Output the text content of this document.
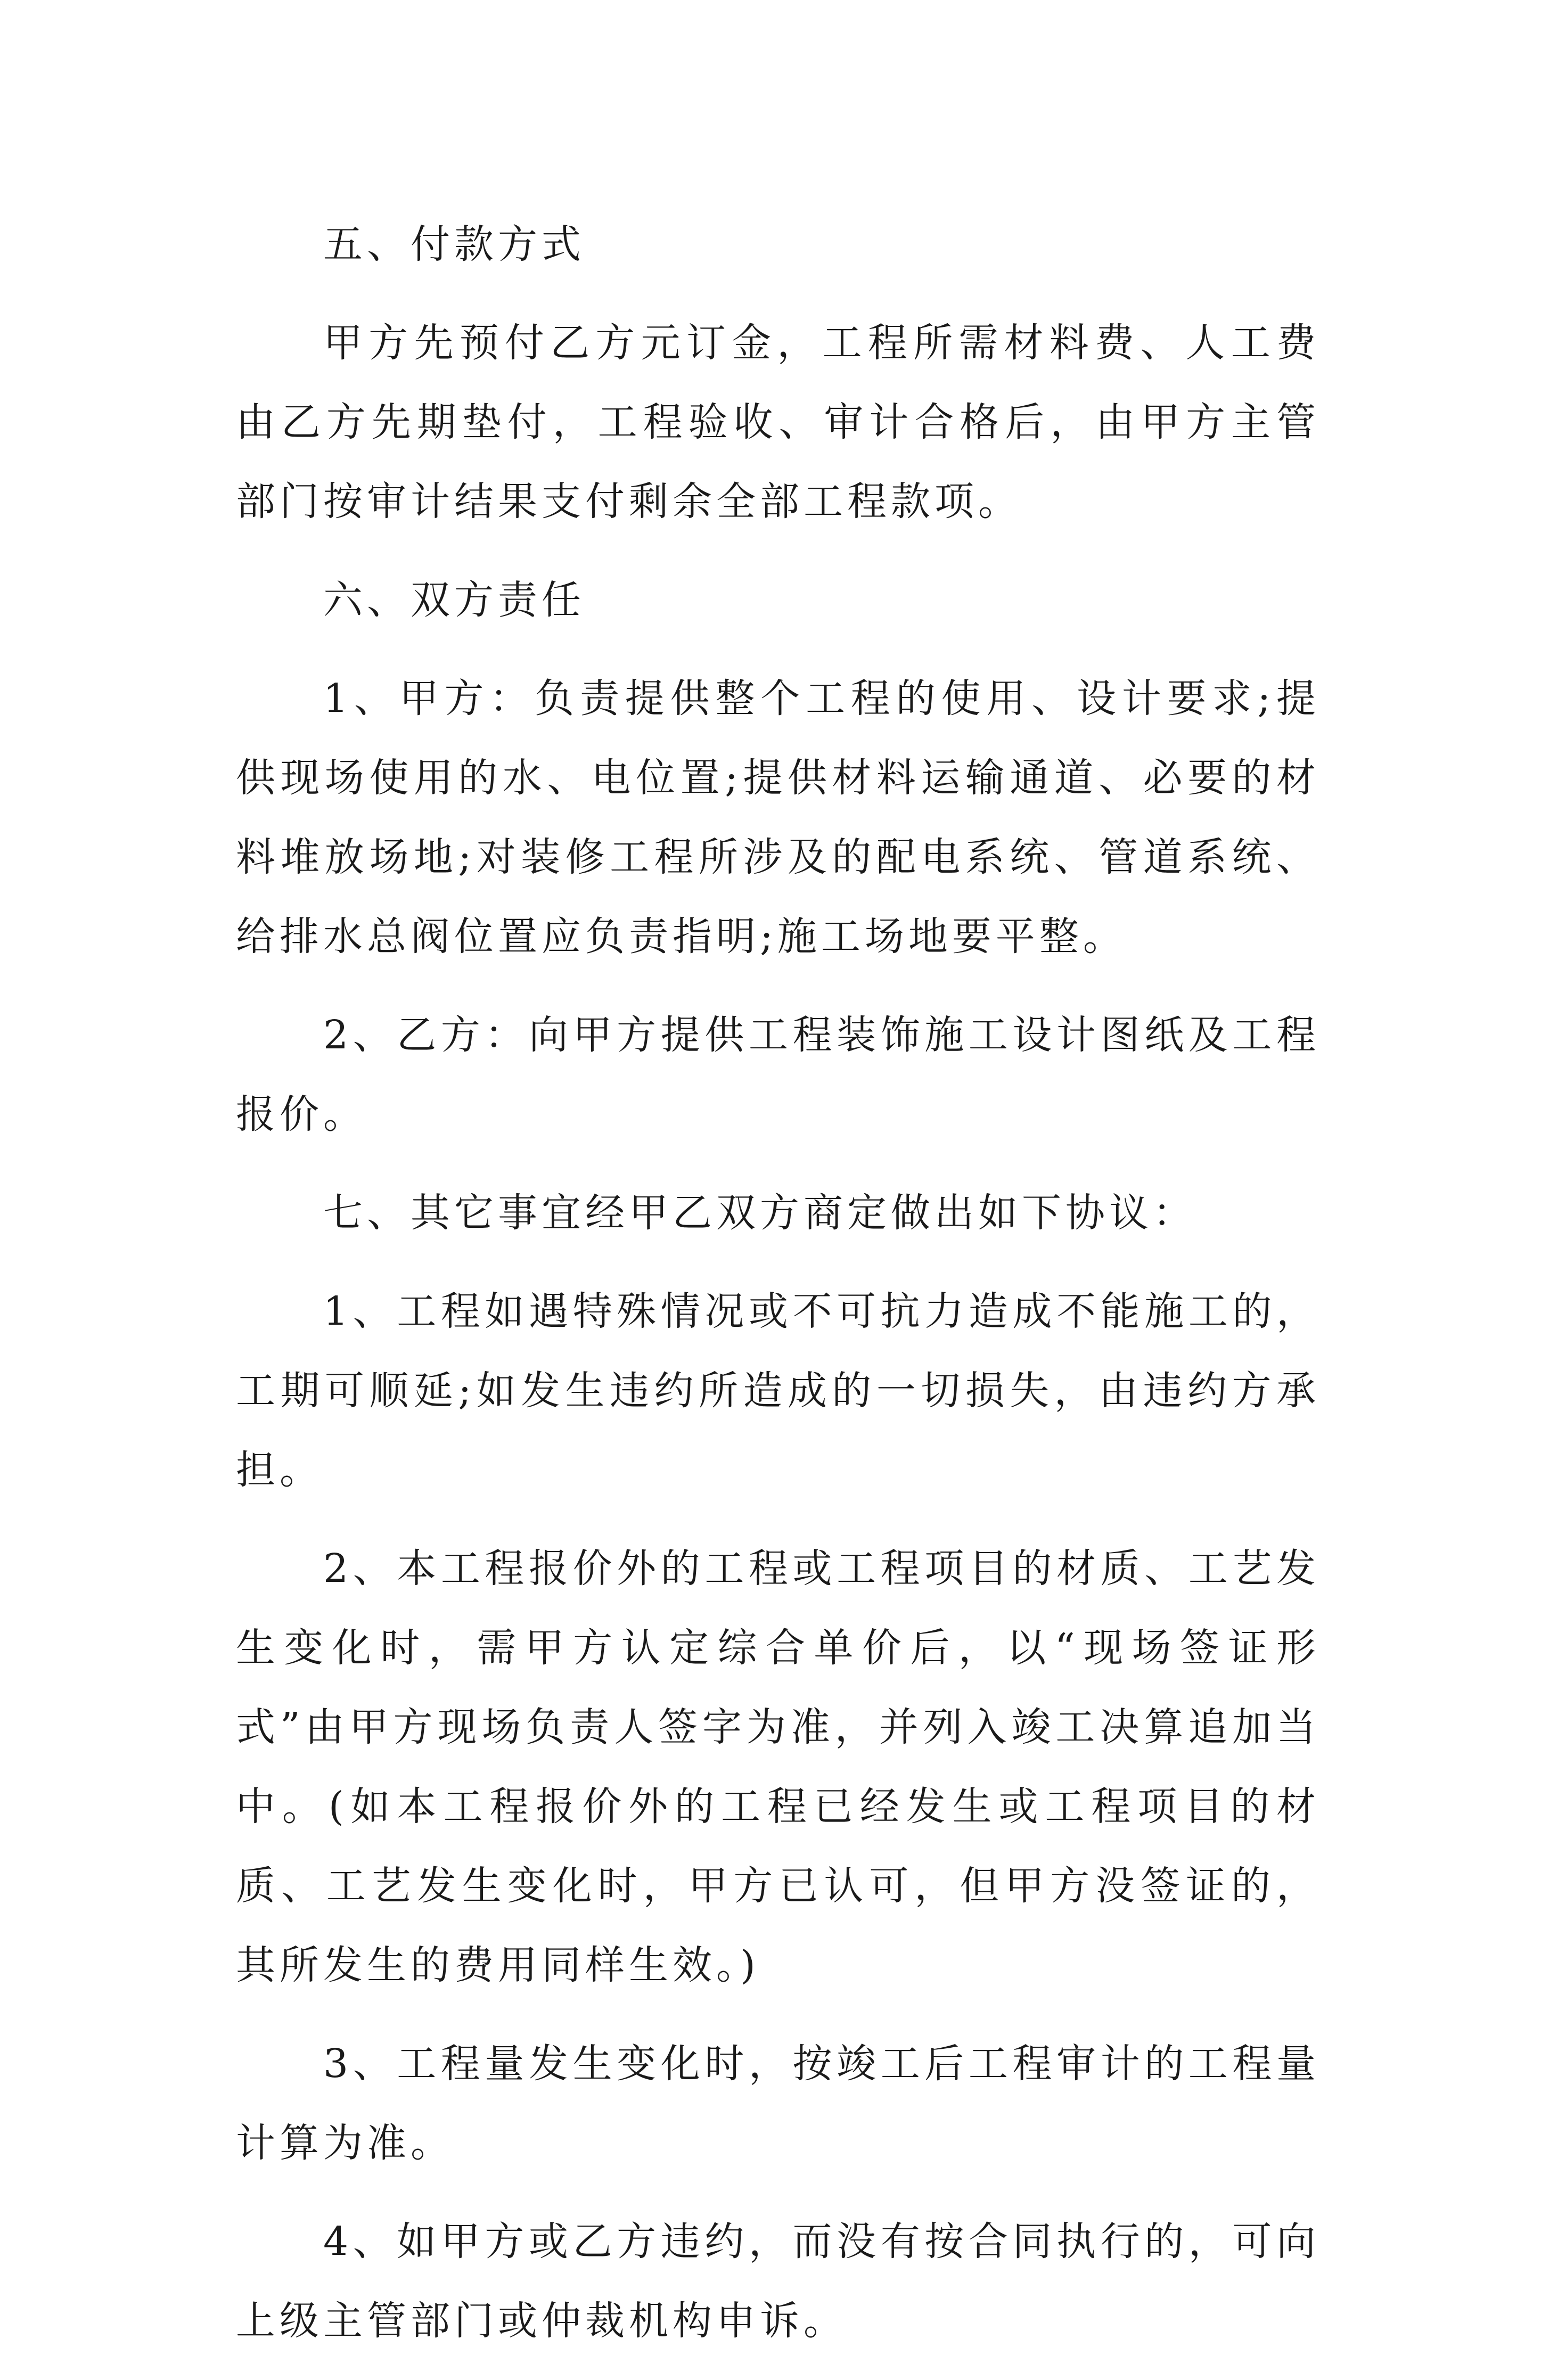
五、付款方式

甲方先预付乙方元订金，工程所需材料费、人工费由乙方先期垫付，工程验收、审计合格后，由甲方主管部门按审计结果支付剩余全部工程款项。

六、双方责任

1、甲方：负责提供整个工程的使用、设计要求;提供现场使用的水、电位置;提供材料运输通道、必要的材料堆放场地;对装修工程所涉及的配电系统、管道系统、给排水总阀位置应负责指明;施工场地要平整。

2、乙方：向甲方提供工程装饰施工设计图纸及工程报价。

七、其它事宜经甲乙双方商定做出如下协议：

1、工程如遇特殊情况或不可抗力造成不能施工的，工期可顺延;如发生违约所造成的一切损失，由违约方承担。

2、本工程报价外的工程或工程项目的材质、工艺发生变化时，需甲方认定综合单价后，以“现场签证形式”由甲方现场负责人签字为准，并列入竣工决算追加当中。(如本工程报价外的工程已经发生或工程项目的材质、工艺发生变化时，甲方已认可，但甲方没签证的，其所发生的费用同样生效。)

3、工程量发生变化时，按竣工后工程审计的工程量计算为准。

4、如甲方或乙方违约，而没有按合同执行的，可向上级主管部门或仲裁机构申诉。
